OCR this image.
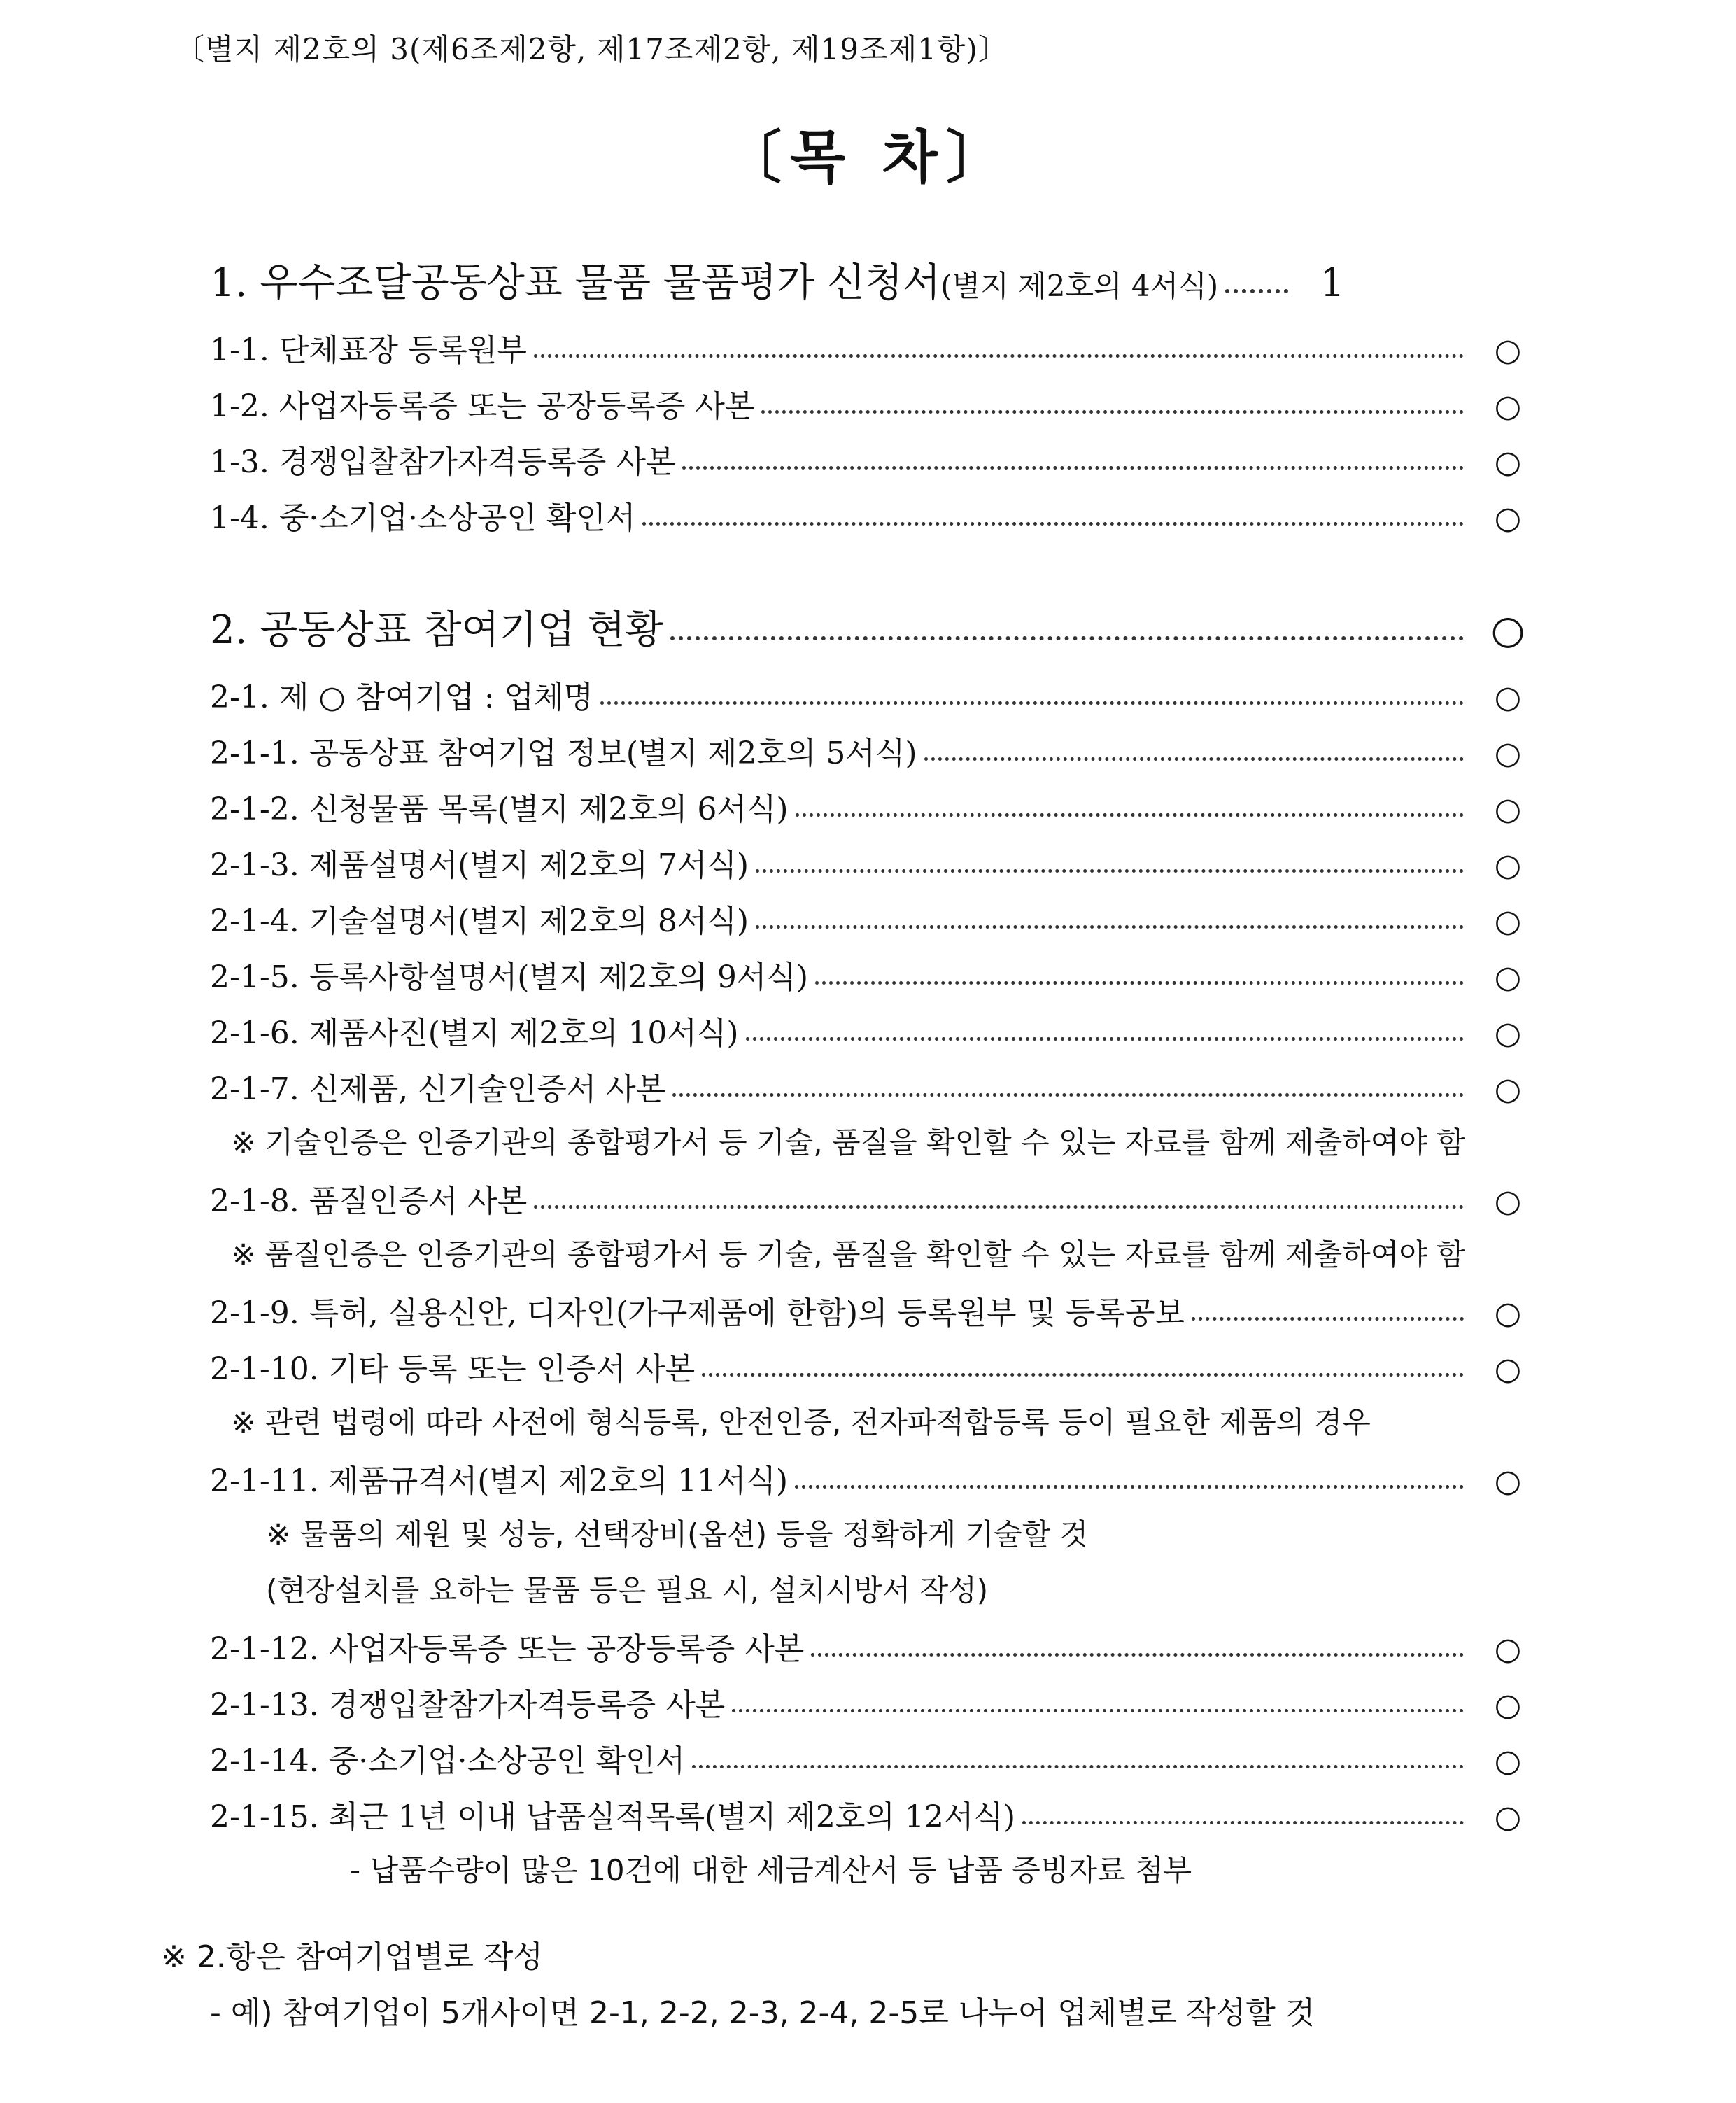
〔별지 제2호의 3(제6조제2항, 제17조제2항, 제19조제1항)〕
〔목 차〕
1. 우수조달공동상표 물품 물품평가 신청서(별지 제2호의 4서식)	1
1-1. 단체표장 등록원부	○
1-2. 사업자등록증 또는 공장등록증 사본	○
1-3. 경쟁입찰참가자격등록증 사본	○
1-4. 중·소기업·소상공인 확인서	○
2. 공동상표 참여기업 현황	○
2-1. 제 ○ 참여기업 : 업체명	○
2-1-1. 공동상표 참여기업 정보(별지 제2호의 5서식)	○
2-1-2. 신청물품 목록(별지 제2호의 6서식)	○
2-1-3. 제품설명서(별지 제2호의 7서식)	○
2-1-4. 기술설명서(별지 제2호의 8서식)	○
2-1-5. 등록사항설명서(별지 제2호의 9서식)	○
2-1-6. 제품사진(별지 제2호의 10서식)	○
2-1-7. 신제품, 신기술인증서 사본	○
※ 기술인증은 인증기관의 종합평가서 등 기술, 품질을 확인할 수 있는 자료를 함께 제출하여야 함
2-1-8. 품질인증서 사본	○
※ 품질인증은 인증기관의 종합평가서 등 기술, 품질을 확인할 수 있는 자료를 함께 제출하여야 함
2-1-9. 특허, 실용신안, 디자인(가구제품에 한함)의 등록원부 및 등록공보	○
2-1-10. 기타 등록 또는 인증서 사본	○
※ 관련 법령에 따라 사전에 형식등록, 안전인증, 전자파적합등록 등이 필요한 제품의 경우
2-1-11. 제품규격서(별지 제2호의 11서식)	○
※ 물품의 제원 및 성능, 선택장비(옵션) 등을 정확하게 기술할 것
(현장설치를 요하는 물품 등은 필요 시, 설치시방서 작성)
2-1-12. 사업자등록증 또는 공장등록증 사본	○
2-1-13. 경쟁입찰참가자격등록증 사본	○
2-1-14. 중·소기업·소상공인 확인서	○
2-1-15. 최근 1년 이내 납품실적목록(별지 제2호의 12서식)	○
- 납품수량이 많은 10건에 대한 세금계산서 등 납품 증빙자료 첨부
※ 2.항은 참여기업별로 작성
- 예) 참여기업이 5개사이면 2-1, 2-2, 2-3, 2-4, 2-5로 나누어 업체별로 작성할 것
